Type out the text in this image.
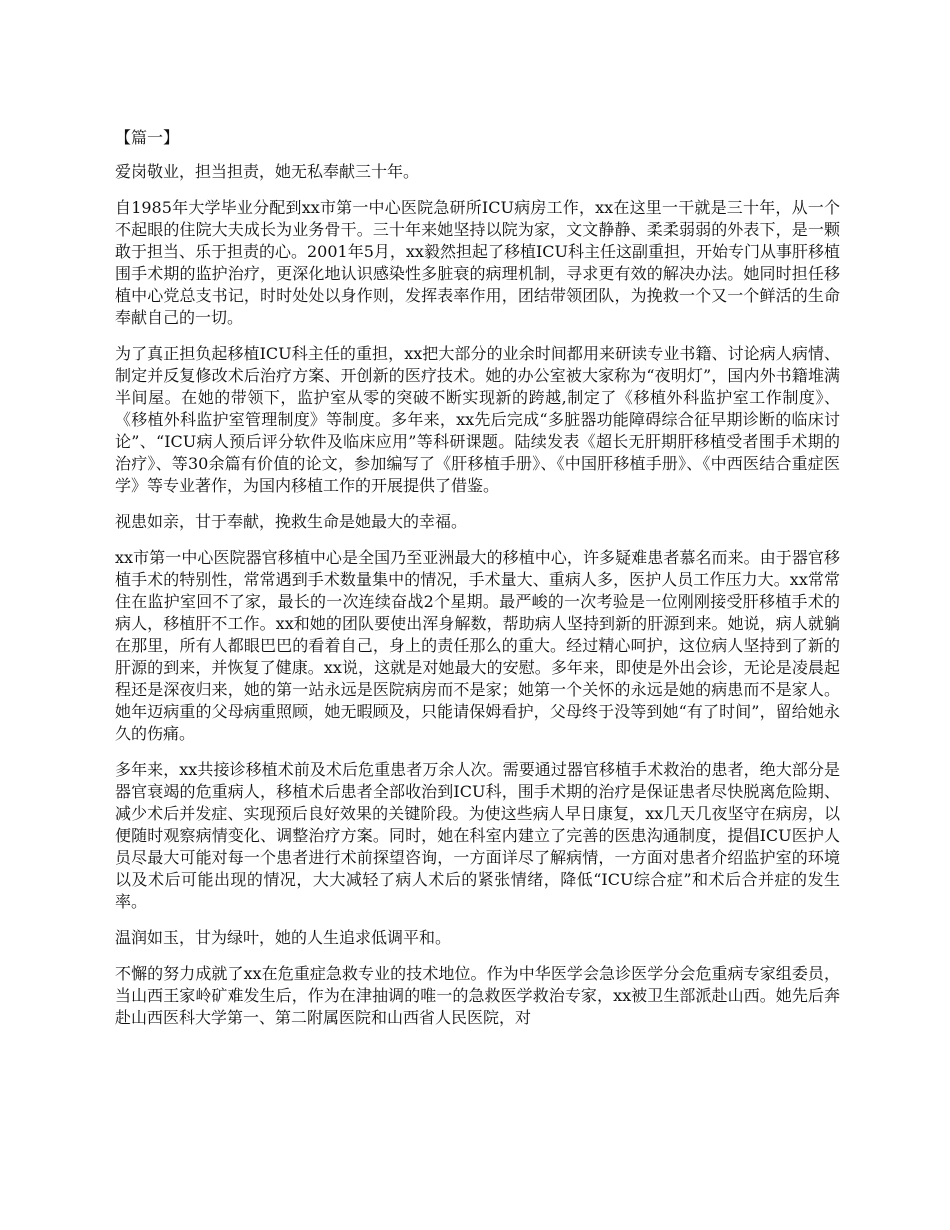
【篇一】

爱岗敬业，担当担责，她无私奉献三十年。

自1985年大学毕业分配到xx市第一中心医院急研所ICU病房工作，xx在这里一干就是三十年，从一个不起眼的住院大夫成长为业务骨干。三十年来她坚持以院为家，文文静静、柔柔弱弱的外表下，是一颗敢于担当、乐于担责的心。2001年5月，xx毅然担起了移植ICU科主任这副重担，开始专门从事肝移植围手术期的监护治疗，更深化地认识感染性多脏衰的病理机制，寻求更有效的解决办法。她同时担任移植中心党总支书记，时时处处以身作则，发挥表率作用，团结带领团队，为挽救一个又一个鲜活的生命奉献自己的一切。

为了真正担负起移植ICU科主任的重担，xx把大部分的业余时间都用来研读专业书籍、讨论病人病情、制定并反复修改术后治疗方案、开创新的医疗技术。她的办公室被大家称为“夜明灯”，国内外书籍堆满半间屋。在她的带领下，监护室从零的突破不断实现新的跨越,制定了《移植外科监护室工作制度》、《移植外科监护室管理制度》等制度。多年来，xx先后完成“多脏器功能障碍综合征早期诊断的临床讨论”、“ICU病人预后评分软件及临床应用”等科研课题。陆续发表《超长无肝期肝移植受者围手术期的治疗》、等30余篇有价值的论文，参加编写了《肝移植手册》、《中国肝移植手册》、《中西医结合重症医学》等专业著作，为国内移植工作的开展提供了借鉴。

视患如亲，甘于奉献，挽救生命是她最大的幸福。

xx市第一中心医院器官移植中心是全国乃至亚洲最大的移植中心，许多疑难患者慕名而来。由于器官移植手术的特别性，常常遇到手术数量集中的情况，手术量大、重病人多，医护人员工作压力大。xx常常住在监护室回不了家，最长的一次连续奋战2个星期。最严峻的一次考验是一位刚刚接受肝移植手术的病人，移植肝不工作。xx和她的团队要使出浑身解数，帮助病人坚持到新的肝源到来。她说，病人就躺在那里，所有人都眼巴巴的看着自己，身上的责任那么的重大。经过精心呵护，这位病人坚持到了新的肝源的到来，并恢复了健康。xx说，这就是对她最大的安慰。多年来，即使是外出会诊，无论是凌晨起程还是深夜归来，她的第一站永远是医院病房而不是家；她第一个关怀的永远是她的病患而不是家人。她年迈病重的父母病重照顾，她无暇顾及，只能请保姆看护，父母终于没等到她“有了时间”，留给她永久的伤痛。

多年来，xx共接诊移植术前及术后危重患者万余人次。需要通过器官移植手术救治的患者，绝大部分是器官衰竭的危重病人，移植术后患者全部收治到ICU科，围手术期的治疗是保证患者尽快脱离危险期、减少术后并发症、实现预后良好效果的关键阶段。为使这些病人早日康复，xx几天几夜坚守在病房，以便随时观察病情变化、调整治疗方案。同时，她在科室内建立了完善的医患沟通制度，提倡ICU医护人员尽最大可能对每一个患者进行术前探望咨询，一方面详尽了解病情，一方面对患者介绍监护室的环境以及术后可能出现的情况，大大减轻了病人术后的紧张情绪，降低“ICU综合症”和术后合并症的发生率。

温润如玉，甘为绿叶，她的人生追求低调平和。

不懈的努力成就了xx在危重症急救专业的技术地位。作为中华医学会急诊医学分会危重病专家组委员，当山西王家岭矿难发生后，作为在津抽调的唯一的急救医学救治专家，xx被卫生部派赴山西。她先后奔赴山西医科大学第一、第二附属医院和山西省人民医院，对
